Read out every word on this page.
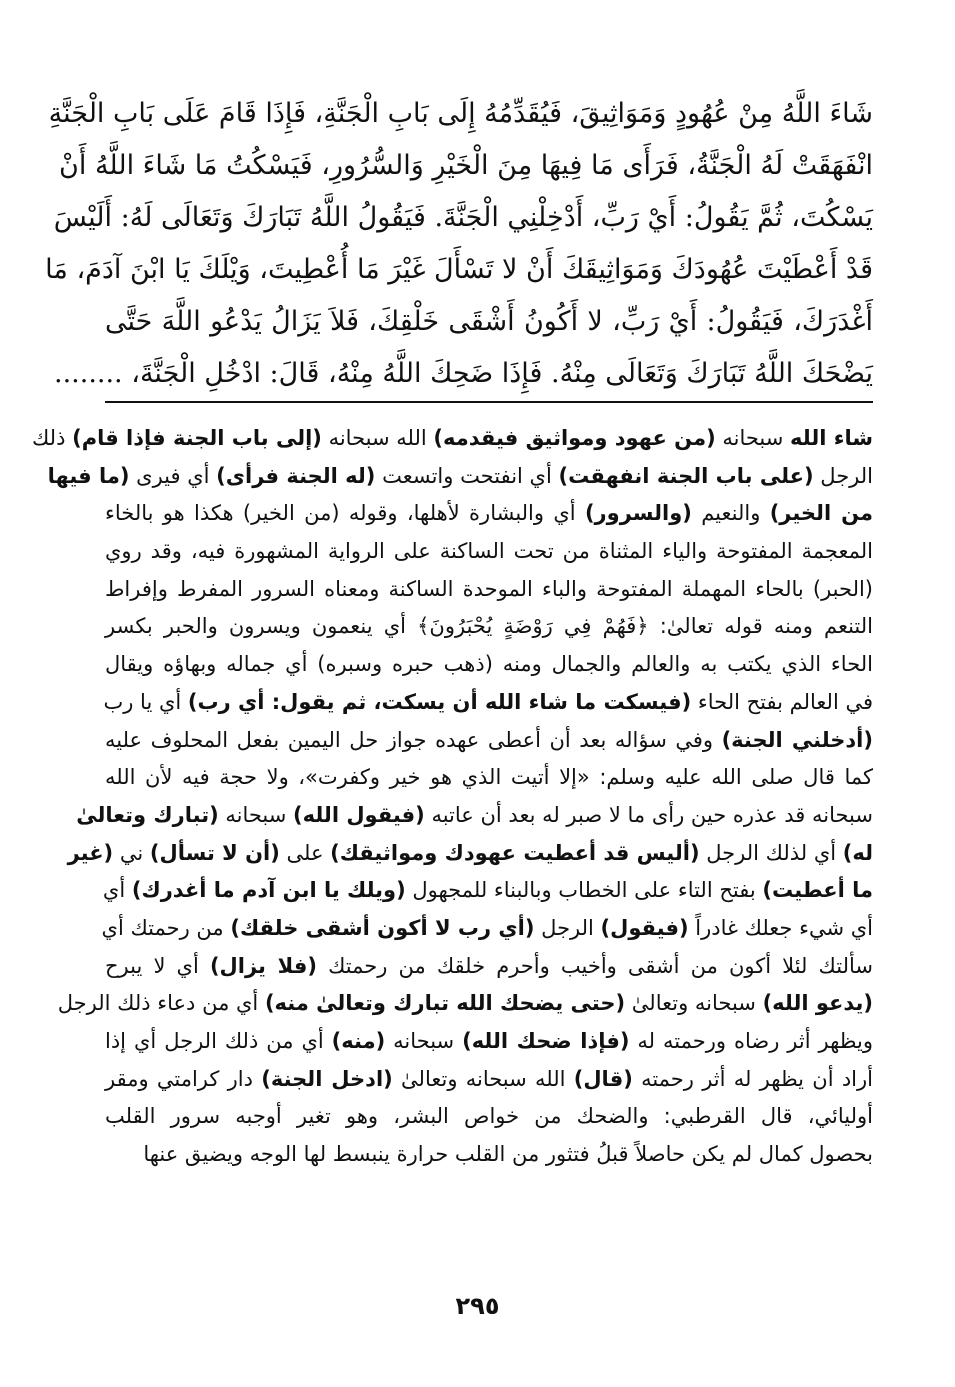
شَاءَ اللَّهُ مِنْ عُهُودٍ وَمَوَاثِيقَ، فَيُقَدِّمُهُ إِلَى بَابِ الْجَنَّةِ، فَإِذَا قَامَ عَلَى بَابِ الْجَنَّةِ
انْفَهَقَتْ لَهُ الْجَنَّةُ، فَرَأَى مَا فِيهَا مِنَ الْخَيْرِ وَالسُّرُورِ، فَيَسْكُتُ مَا شَاءَ اللَّهُ أَنْ
يَسْكُتَ، ثُمَّ يَقُولُ: أَيْ رَبِّ، أَدْخِلْنِي الْجَنَّةَ. فَيَقُولُ اللَّهُ تَبَارَكَ وَتَعَالَى لَهُ: أَلَيْسَ
قَدْ أَعْطَيْتَ عُهُودَكَ وَمَوَاثِيقَكَ أَنْ لا تَسْأَلَ غَيْرَ مَا أُعْطِيتَ، وَيْلَكَ يَا ابْنَ آدَمَ، مَا
أَغْدَرَكَ، فَيَقُولُ: أَيْ رَبِّ، لا أَكُونُ أَشْقَى خَلْقِكَ، فَلاَ يَزَالُ يَدْعُو اللَّهَ حَتَّى
يَضْحَكَ اللَّهُ تَبَارَكَ وَتَعَالَى مِنْهُ. فَإِذَا ضَحِكَ اللَّهُ مِنْهُ، قَالَ: ادْخُلِ الْجَنَّةَ، ........
شاء الله سبحانه (من عهود ومواثيق فيقدمه) الله سبحانه (إلى باب الجنة فإذا قام) ذلك
الرجل (على باب الجنة انفهقت) أي انفتحت واتسعت (له الجنة فرأى) أي فيرى (ما فيها
من الخير) والنعيم (والسرور) أي والبشارة لأهلها، وقوله (من الخير) هكذا هو بالخاء
المعجمة المفتوحة والياء المثناة من تحت الساكنة على الرواية المشهورة فيه، وقد روي
(الحبر) بالحاء المهملة المفتوحة والباء الموحدة الساكنة ومعناه السرور المفرط وإفراط
التنعم ومنه قوله تعالىٰ: ﴿فَهُمْ فِي رَوْضَةٍ يُحْبَرُونَ﴾ أي ينعمون ويسرون والحبر بكسر
الحاء الذي يكتب به والعالم والجمال ومنه (ذهب حبره وسبره) أي جماله وبهاؤه ويقال
في العالم بفتح الحاء (فيسكت ما شاء الله أن يسكت، ثم يقول: أي رب) أي يا رب
(أدخلني الجنة) وفي سؤاله بعد أن أعطى عهده جواز حل اليمين بفعل المحلوف عليه
كما قال صلى الله عليه وسلم: «إلا أتيت الذي هو خير وكفرت»، ولا حجة فيه لأن الله
سبحانه قد عذره حين رأى ما لا صبر له بعد أن عاتبه (فيقول الله) سبحانه (تبارك وتعالىٰ
له) أي لذلك الرجل (أليس قد أعطيت عهودك ومواثيقك) على (أن لا تسأل) ني (غير
ما أعطيت) بفتح التاء على الخطاب وبالبناء للمجهول (ويلك يا ابن آدم ما أغدرك) أي
أي شيء جعلك غادراً (فيقول) الرجل (أي رب لا أكون أشقى خلقك) من رحمتك أي
سألتك لئلا أكون من أشقى وأخيب وأحرم خلقك من رحمتك (فلا يزال) أي لا يبرح
(يدعو الله) سبحانه وتعالىٰ (حتى يضحك الله تبارك وتعالىٰ منه) أي من دعاء ذلك الرجل
ويظهر أثر رضاه ورحمته له (فإذا ضحك الله) سبحانه (منه) أي من ذلك الرجل أي إذا
أراد أن يظهر له أثر رحمته (قال) الله سبحانه وتعالىٰ (ادخل الجنة) دار كرامتي ومقر
أوليائي، قال القرطبي: والضحك من خواص البشر، وهو تغير أوجبه سرور القلب
بحصول كمال لم يكن حاصلاً قبلُ فتثور من القلب حرارة ينبسط لها الوجه ويضيق عنها
٢٩٥
